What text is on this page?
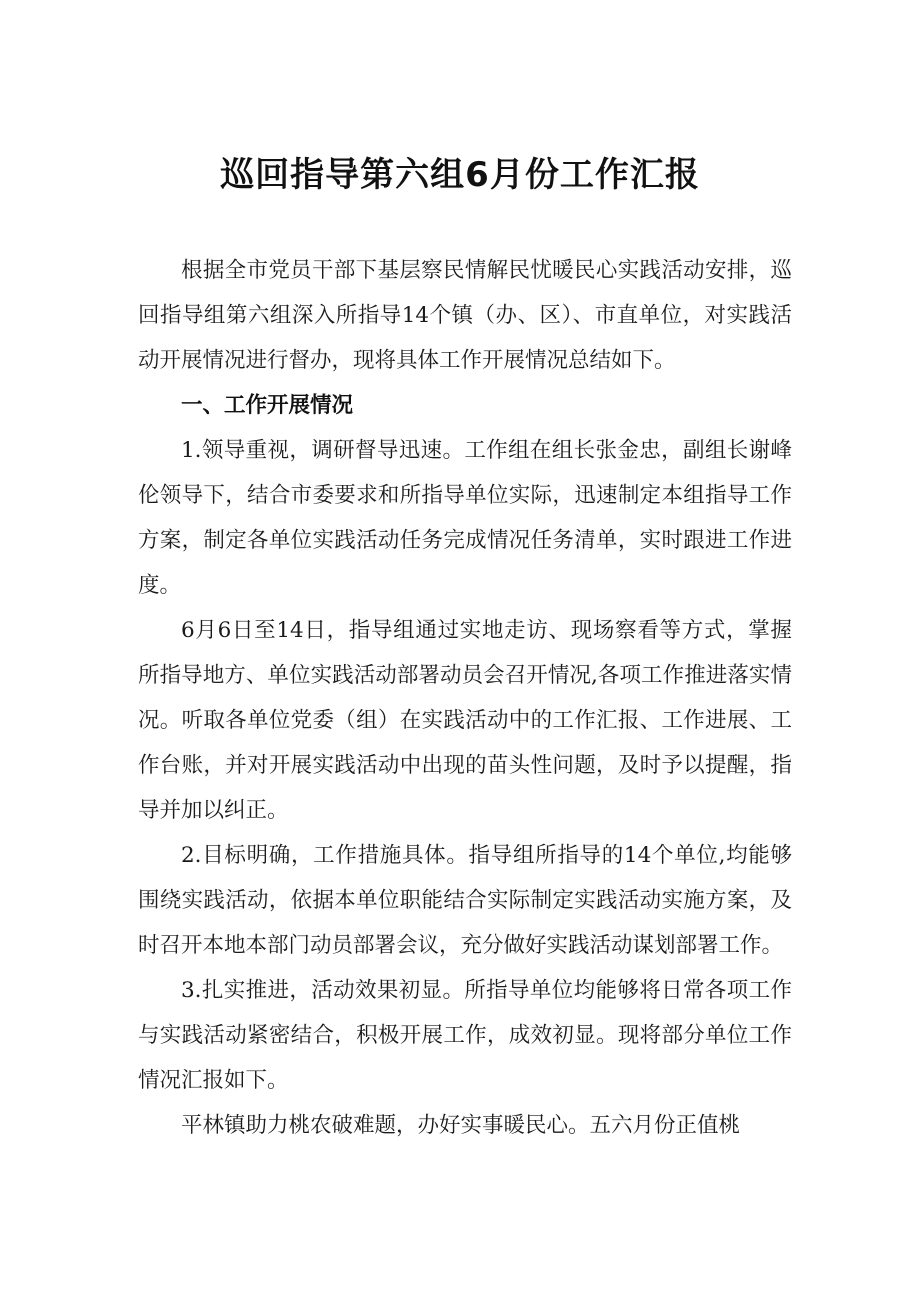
巡回指导第六组6月份工作汇报

根据全市党员干部下基层察民情解民忧暖民心实践活动安排，巡回指导组第六组深入所指导14个镇（办、区）、市直单位，对实践活动开展情况进行督办，现将具体工作开展情况总结如下。

一、工作开展情况

1.领导重视，调研督导迅速。工作组在组长张金忠，副组长谢峰伦领导下，结合市委要求和所指导单位实际，迅速制定本组指导工作方案，制定各单位实践活动任务完成情况任务清单，实时跟进工作进度。

6月6日至14日，指导组通过实地走访、现场察看等方式，掌握所指导地方、单位实践活动部署动员会召开情况,各项工作推进落实情况。听取各单位党委（组）在实践活动中的工作汇报、工作进展、工作台账，并对开展实践活动中出现的苗头性问题，及时予以提醒，指导并加以纠正。

2.目标明确，工作措施具体。指导组所指导的14个单位,均能够围绕实践活动，依据本单位职能结合实际制定实践活动实施方案，及时召开本地本部门动员部署会议，充分做好实践活动谋划部署工作。

3.扎实推进，活动效果初显。所指导单位均能够将日常各项工作与实践活动紧密结合，积极开展工作，成效初显。现将部分单位工作情况汇报如下。

平林镇助力桃农破难题，办好实事暖民心。五六月份正值桃
